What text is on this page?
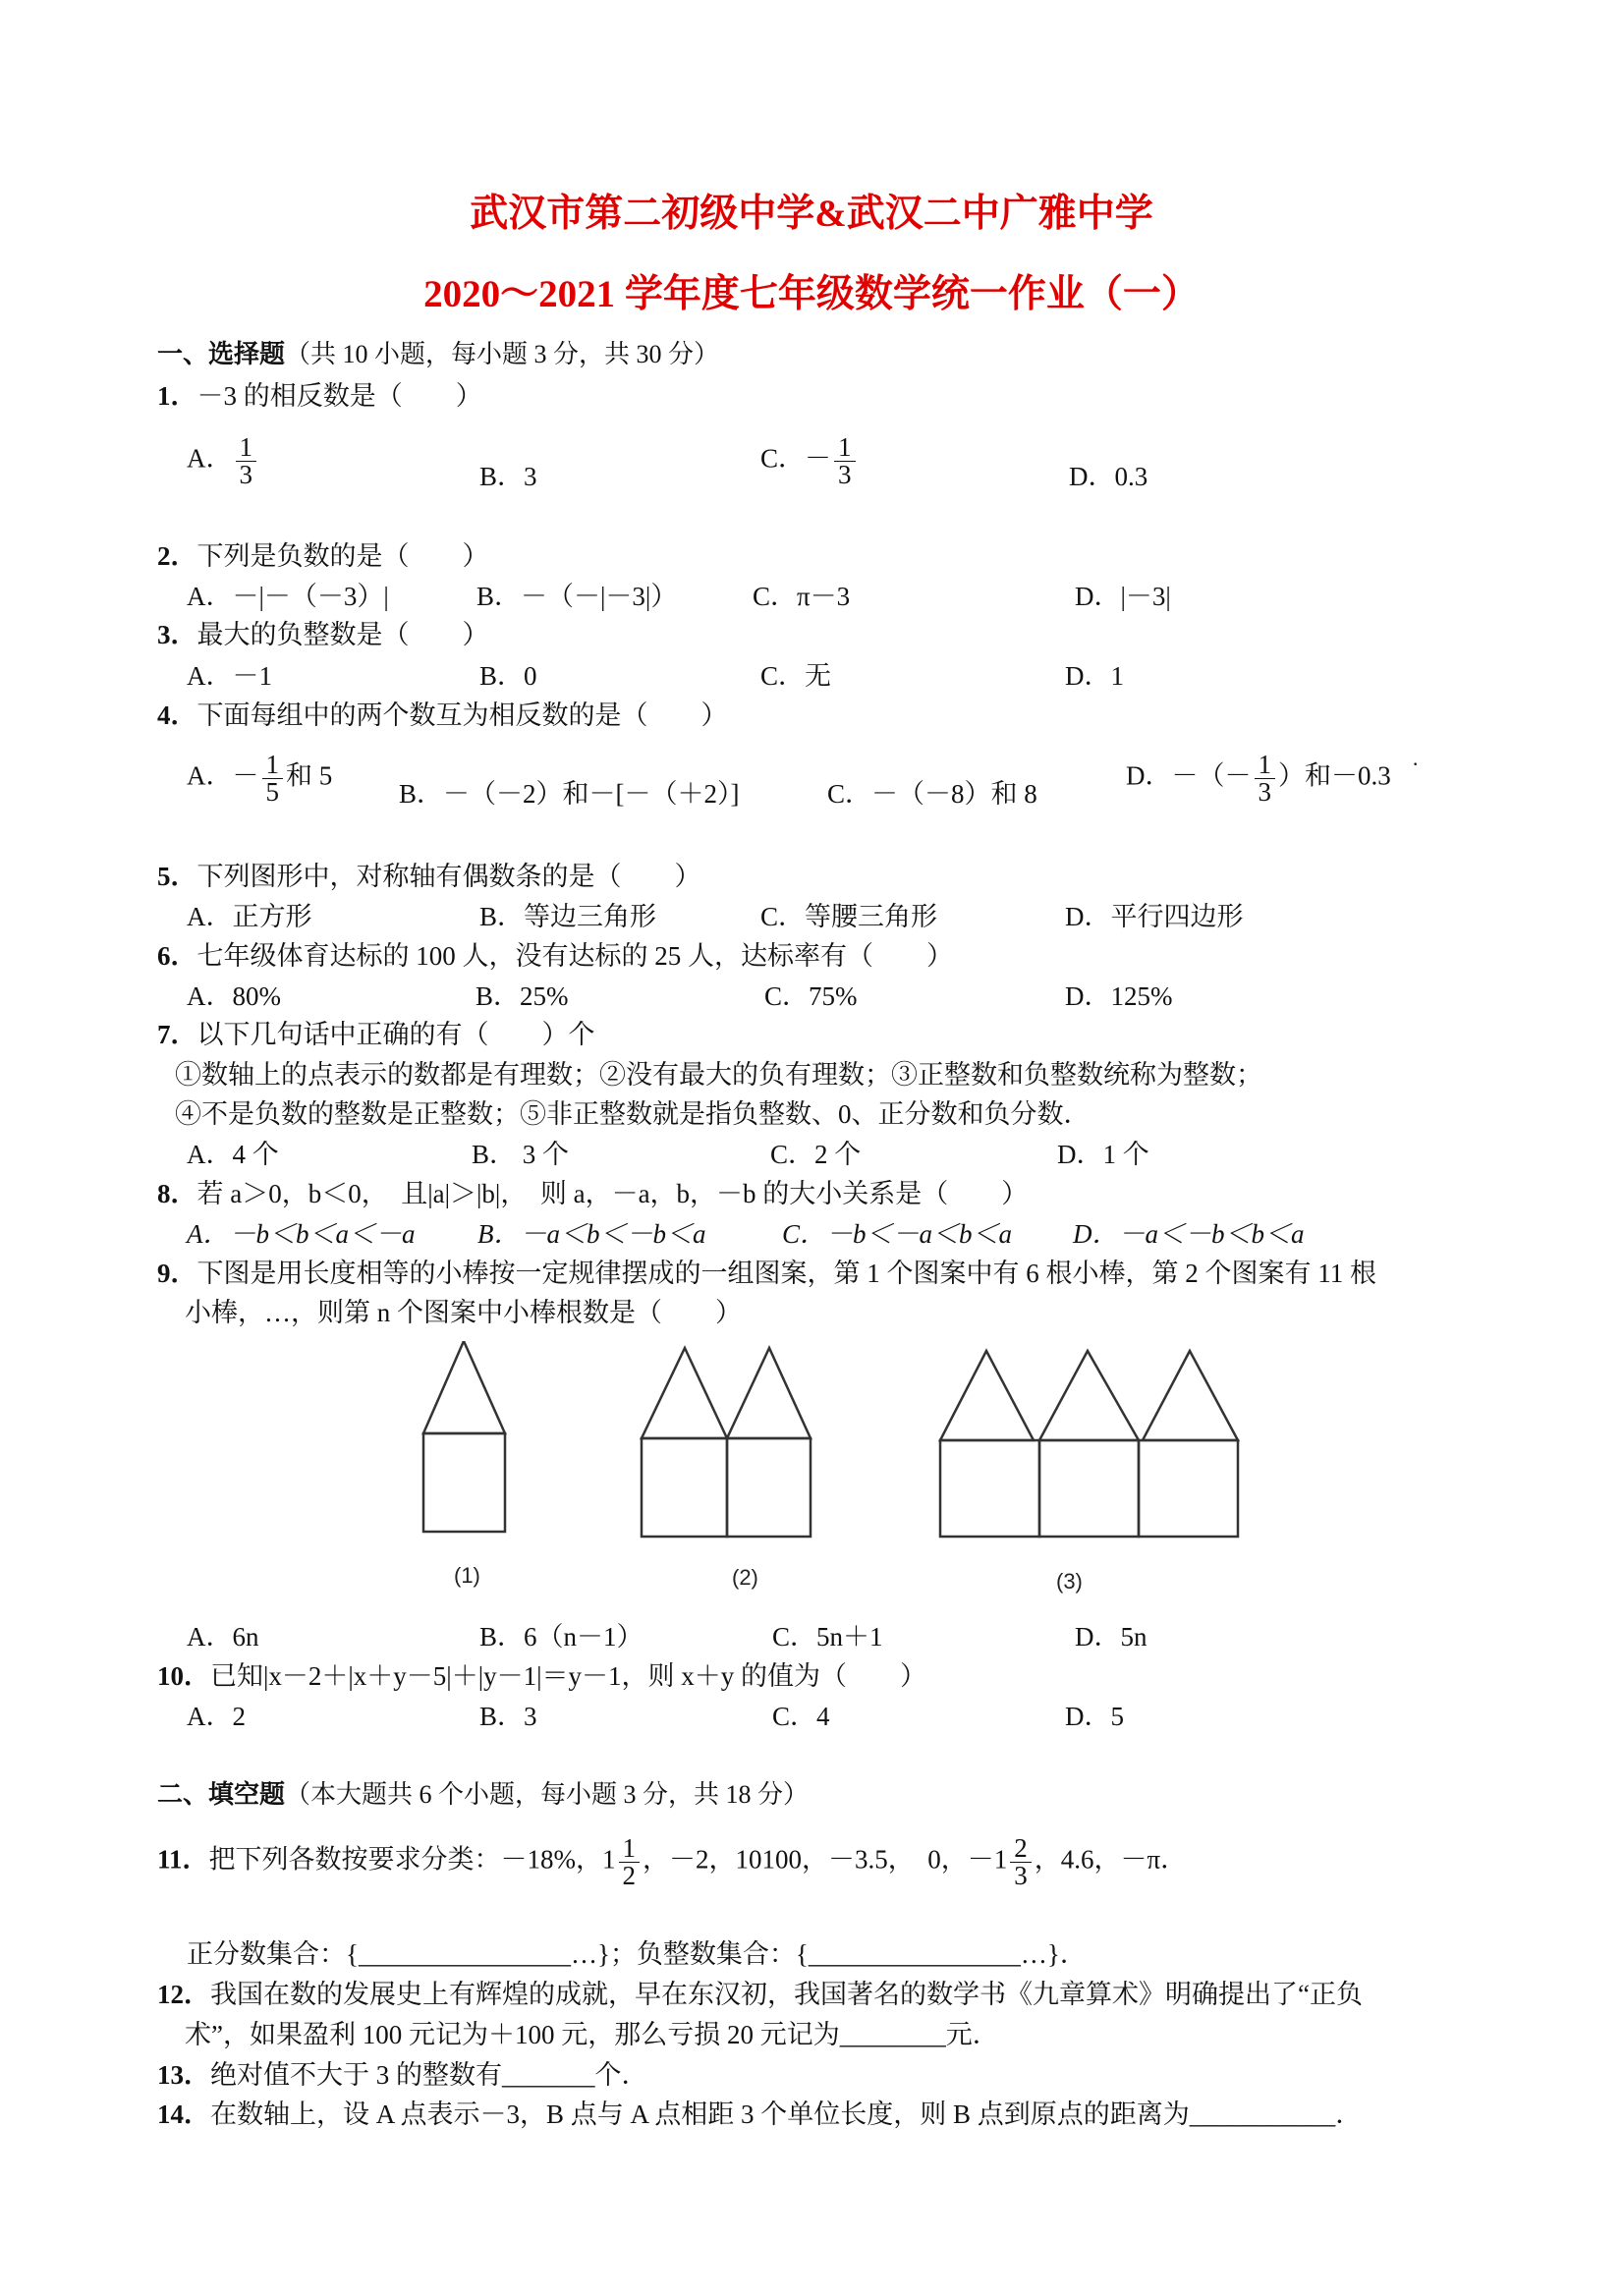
武汉市第二初级中学&武汉二中广雅中学
2020～2021 学年度七年级数学统一作业（一）
一、选择题（共 10 小题，每小题 3 分，共 30 分）
1．－3 的相反数是（　　）
A． $\frac{1}{3}$	B．3
C．－ $\frac{1}{3}$	D．0.3
2．下列是负数的是（　　）
A．－|－（－3）|	B．－（－|－3|）	C．π－3	D．|－3|
3．最大的负整数是（　　）
A．－1	B．0	C．无	D．1
4．下面每组中的两个数互为相反数的是（　　）
A．－ $\frac{1}{5}$ 和 5
B．－（－2）和－[－（＋2）]	C．－（－8）和 8
D．－（－ $\frac{1}{3}$ ）和－0.3 ·
5．下列图形中，对称轴有偶数条的是（　　）
A．正方形	B．等边三角形	C．等腰三角形	D．平行四边形
6．七年级体育达标的 100 人，没有达标的 25 人，达标率有（　　）
A．80%	B．25%	C．75%	D．125%
7．以下几句话中正确的有（　　）个
①数轴上的点表示的数都是有理数；②没有最大的负有理数；③正整数和负整数统称为整数；
④不是负数的整数是正整数；⑤非正整数就是指负整数、0、正分数和负分数．
A．4 个	B． 3 个	C．2 个	D．1 个
8．若 a＞0，b＜0，　且|a|＞|b|，　则 a，－a，b，－b 的大小关系是（　　）
A．－b＜b＜a＜－a B．－a＜b＜－b＜a	C．－b＜－a＜b＜a D．－a＜－b＜b＜a
9．下图是用长度相等的小棒按一定规律摆成的一组图案，第 1 个图案中有 6 根小棒，第 2 个图案有 11 根
小棒，…，则第 n 个图案中小棒根数是（　　）
(1)	(2)	(3)
A．6n	B．6（n－1）	C．5n＋1	D．5n
10．已知|x－2＋|x＋y－5|＋|y－1|＝y－1，则 x＋y 的值为（　　）
A．2	B．3	C．4	D．5
二、填空题（本大题共 6 个小题，每小题 3 分，共 18 分）
11．把下列各数按要求分类：－18%，$1 \frac{1}{2}$ ，－2，10100，－3.5，　0，$-1 \frac{2}{3}$ ，4.6，－π．
正分数集合：{________________…}；负整数集合：{________________…}．
12．我国在数的发展史上有辉煌的成就，早在东汉初，我国著名的数学书《九章算术》明确提出了“正负
术”，如果盈利 100 元记为＋100 元，那么亏损 20 元记为________元．
13．绝对值不大于 3 的整数有_______个．
14．在数轴上，设 A 点表示－3，B 点与 A 点相距 3 个单位长度，则 B 点到原点的距离为___________．
